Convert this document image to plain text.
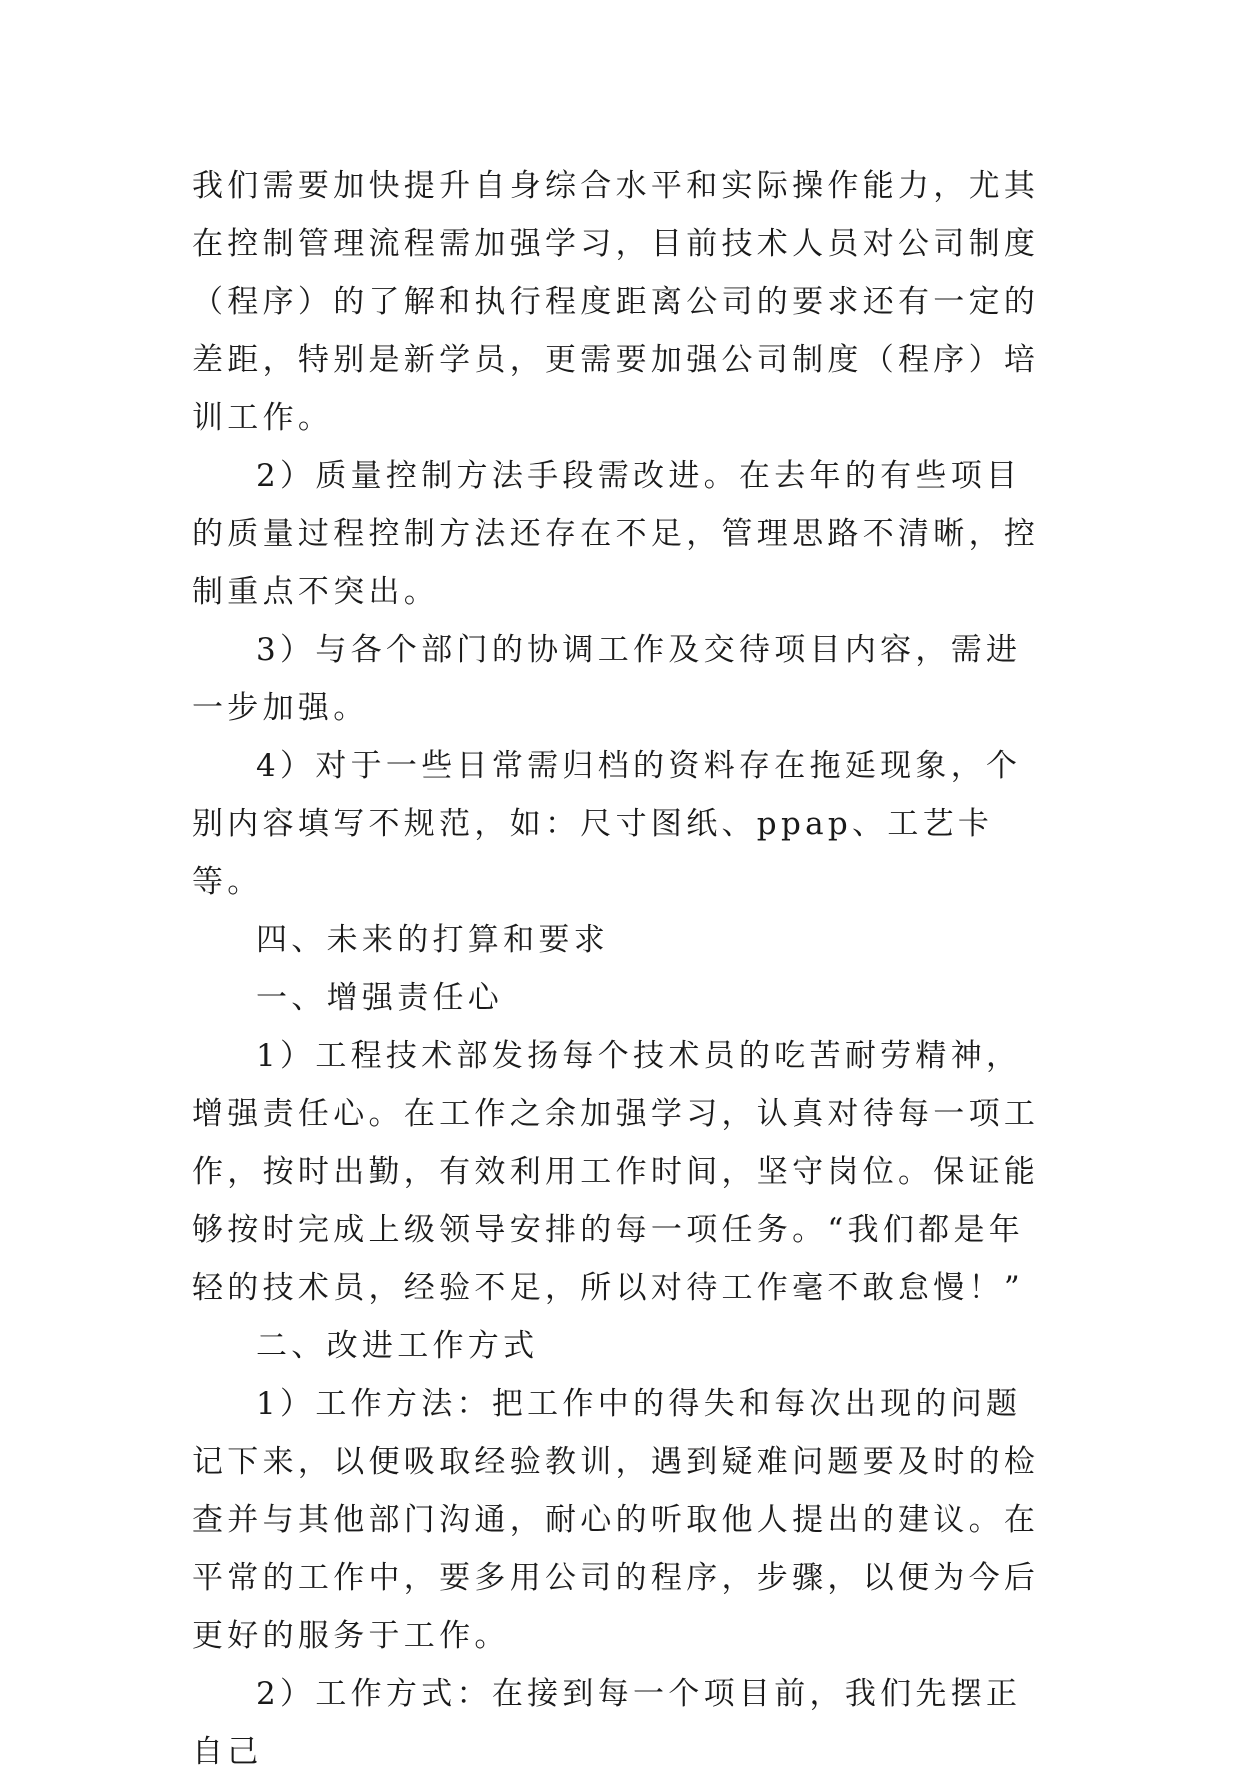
我们需要加快提升自身综合水平和实际操作能力，尤其在控制管理流程需加强学习，目前技术人员对公司制度（程序）的了解和执行程度距离公司的要求还有一定的差距，特别是新学员，更需要加强公司制度（程序）培训工作。

2）质量控制方法手段需改进。在去年的有些项目的质量过程控制方法还存在不足，管理思路不清晰，控制重点不突出。

3）与各个部门的协调工作及交待项目内容，需进一步加强。

4）对于一些日常需归档的资料存在拖延现象，个别内容填写不规范，如：尺寸图纸、ppap、工艺卡等。

四、未来的打算和要求

一、增强责任心

1）工程技术部发扬每个技术员的吃苦耐劳精神，增强责任心。在工作之余加强学习，认真对待每一项工作，按时出勤，有效利用工作时间，坚守岗位。保证能够按时完成上级领导安排的每一项任务。“我们都是年轻的技术员，经验不足，所以对待工作毫不敢怠慢！”

二、改进工作方式

1）工作方法：把工作中的得失和每次出现的问题记下来，以便吸取经验教训，遇到疑难问题要及时的检查并与其他部门沟通，耐心的听取他人提出的建议。在平常的工作中，要多用公司的程序，步骤，以便为今后更好的服务于工作。

2）工作方式：在接到每一个项目前，我们先摆正自己
